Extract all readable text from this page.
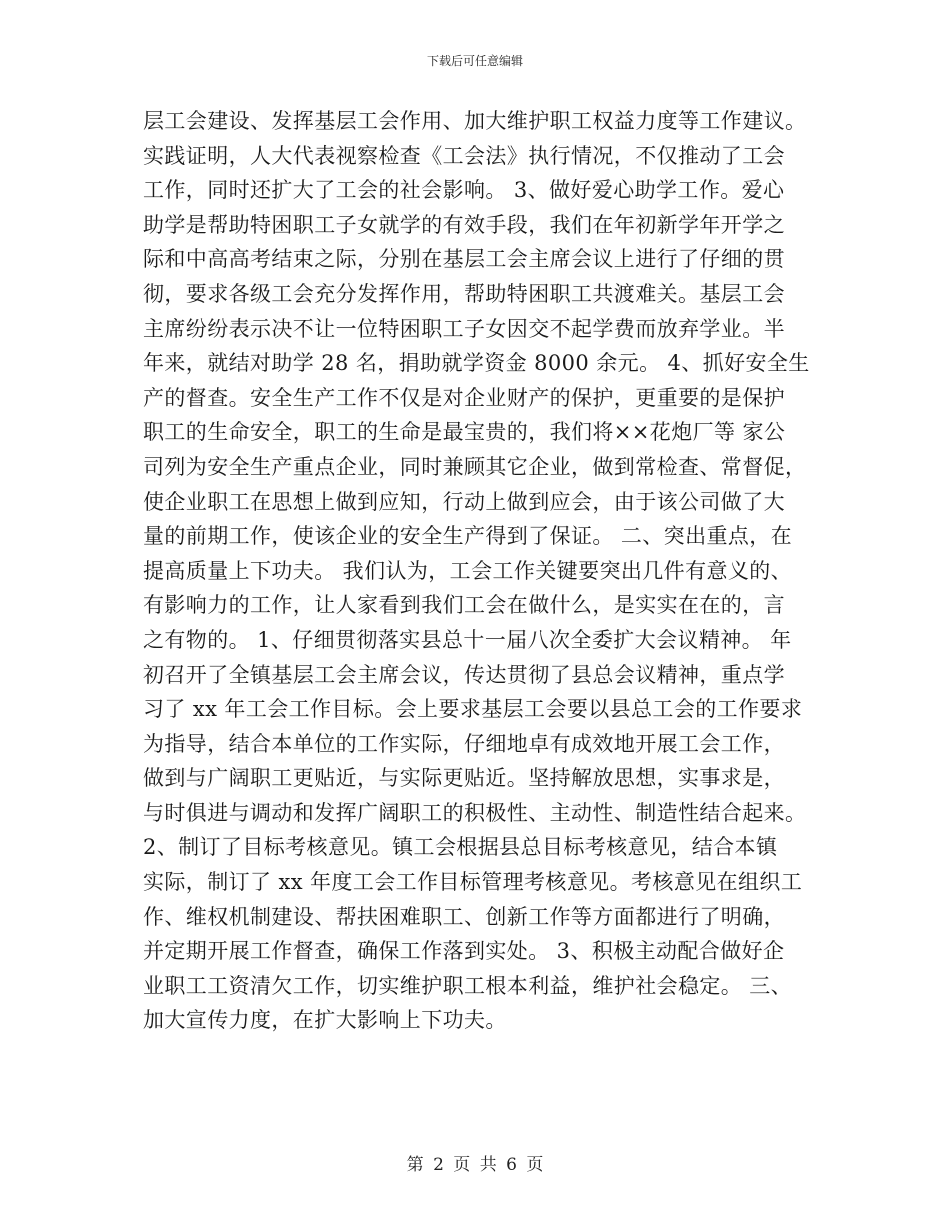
下载后可任意编辑
层工会建设、发挥基层工会作用、加大维护职工权益力度等工作建议。
实践证明，人大代表视察检查《工会法》执行情况，不仅推动了工会
工作，同时还扩大了工会的社会影响。 3、做好爱心助学工作。爱心
助学是帮助特困职工子女就学的有效手段，我们在年初新学年开学之
际和中高高考结束之际，分别在基层工会主席会议上进行了仔细的贯
彻，要求各级工会充分发挥作用，帮助特困职工共渡难关。基层工会
主席纷纷表示决不让一位特困职工子女因交不起学费而放弃学业。半
年来，就结对助学 28 名，捐助就学资金 8000 余元。 4、抓好安全生
产的督查。安全生产工作不仅是对企业财产的保护，更重要的是保护
职工的生命安全，职工的生命是最宝贵的，我们将××花炮厂等 家公
司列为安全生产重点企业，同时兼顾其它企业，做到常检查、常督促，
使企业职工在思想上做到应知，行动上做到应会，由于该公司做了大
量的前期工作，使该企业的安全生产得到了保证。 二、突出重点，在
提高质量上下功夫。 我们认为，工会工作关键要突出几件有意义的、
有影响力的工作，让人家看到我们工会在做什么，是实实在在的，言
之有物的。 1、仔细贯彻落实县总十一届八次全委扩大会议精神。 年
初召开了全镇基层工会主席会议，传达贯彻了县总会议精神，重点学
习了 xx 年工会工作目标。会上要求基层工会要以县总工会的工作要求
为指导，结合本单位的工作实际，仔细地卓有成效地开展工会工作，
做到与广阔职工更贴近，与实际更贴近。坚持解放思想，实事求是，
与时俱进与调动和发挥广阔职工的积极性、主动性、制造性结合起来。
2、制订了目标考核意见。镇工会根据县总目标考核意见，结合本镇
实际，制订了 xx 年度工会工作目标管理考核意见。考核意见在组织工
作、维权机制建设、帮扶困难职工、创新工作等方面都进行了明确，
并定期开展工作督查，确保工作落到实处。 3、积极主动配合做好企
业职工工资清欠工作，切实维护职工根本利益，维护社会稳定。 三、
加大宣传力度，在扩大影响上下功夫。
第 2 页 共 6 页
